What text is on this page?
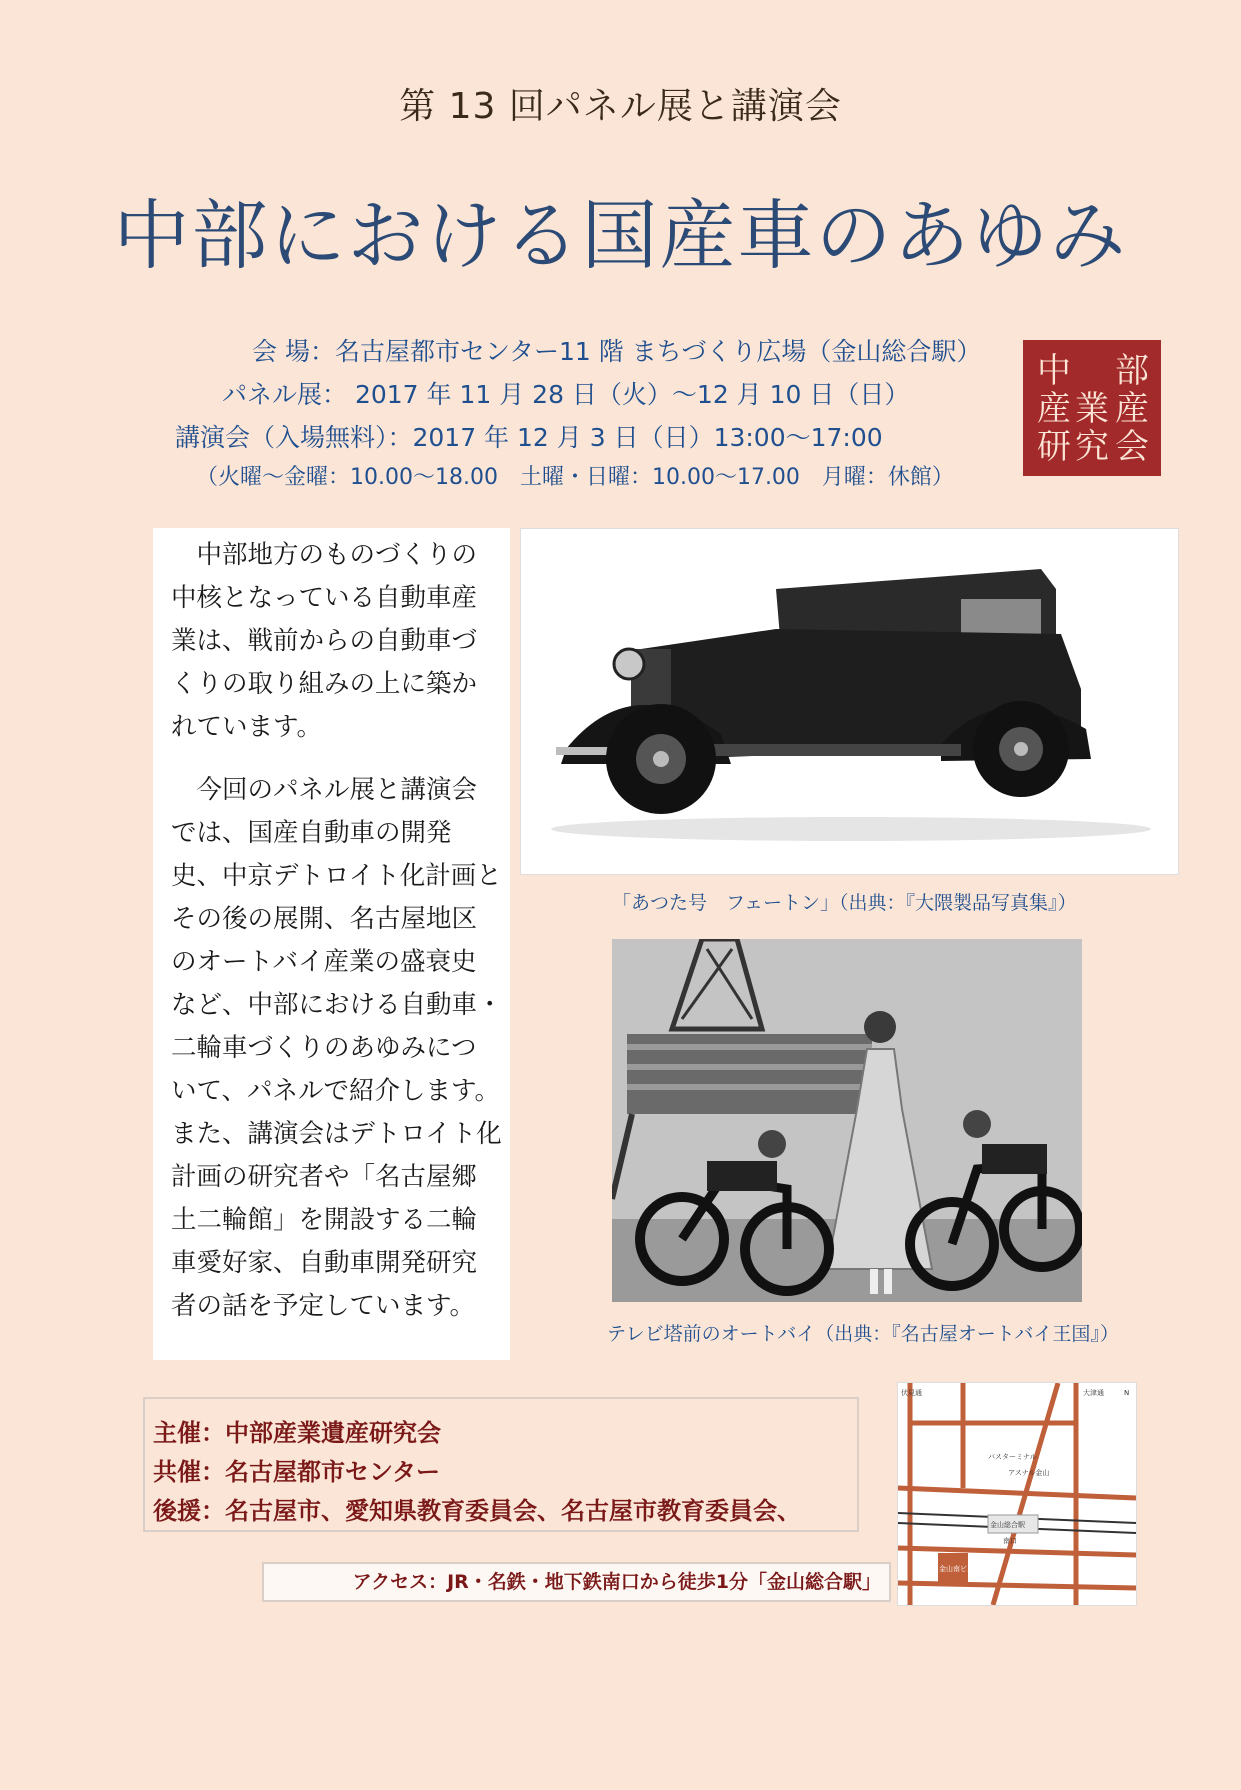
第 13 回パネル展と講演会
中部における国産車のあゆみ
会 場：名古屋都市センター11 階 まちづくり広場（金山総合駅）
パネル展： 2017 年 11 月 28 日（火）～12 月 10 日（日）
講演会（入場無料）：2017 年 12 月 3 日（日）13:00～17:00
（火曜～金曜：10.00～18.00　土曜・日曜：10.00～17.00　月曜：休館）
中 部
産 業 産
研 究 会
　中部地方のものづくりの
中核となっている自動車産
業は、戦前からの自動車づ
くりの取り組みの上に築か
れています。
　今回のパネル展と講演会
では、国産自動車の開発
史、中京デトロイト化計画と
その後の展開、名古屋地区
のオートバイ産業の盛衰史
など、中部における自動車・
二輪車づくりのあゆみにつ
いて、パネルで紹介します。
また、講演会はデトロイト化
計画の研究者や「名古屋郷
土二輪館」を開設する二輪
車愛好家、自動車開発研究
者の話を予定しています。
「あつた号　フェートン」（出典：『大隈製品写真集』）
テレビ塔前のオートバイ（出典：『名古屋オートバイ王国』）
主催：中部産業遺産研究会
共催：名古屋都市センター
後援：名古屋市、愛知県教育委員会、名古屋市教育委員会、
アクセス：JR・名鉄・地下鉄南口から徒歩1分「金山総合駅」
伏見通	大津通	N
バスターミナル
アスナル金山
金山総合駅
南口
金山南ビル
